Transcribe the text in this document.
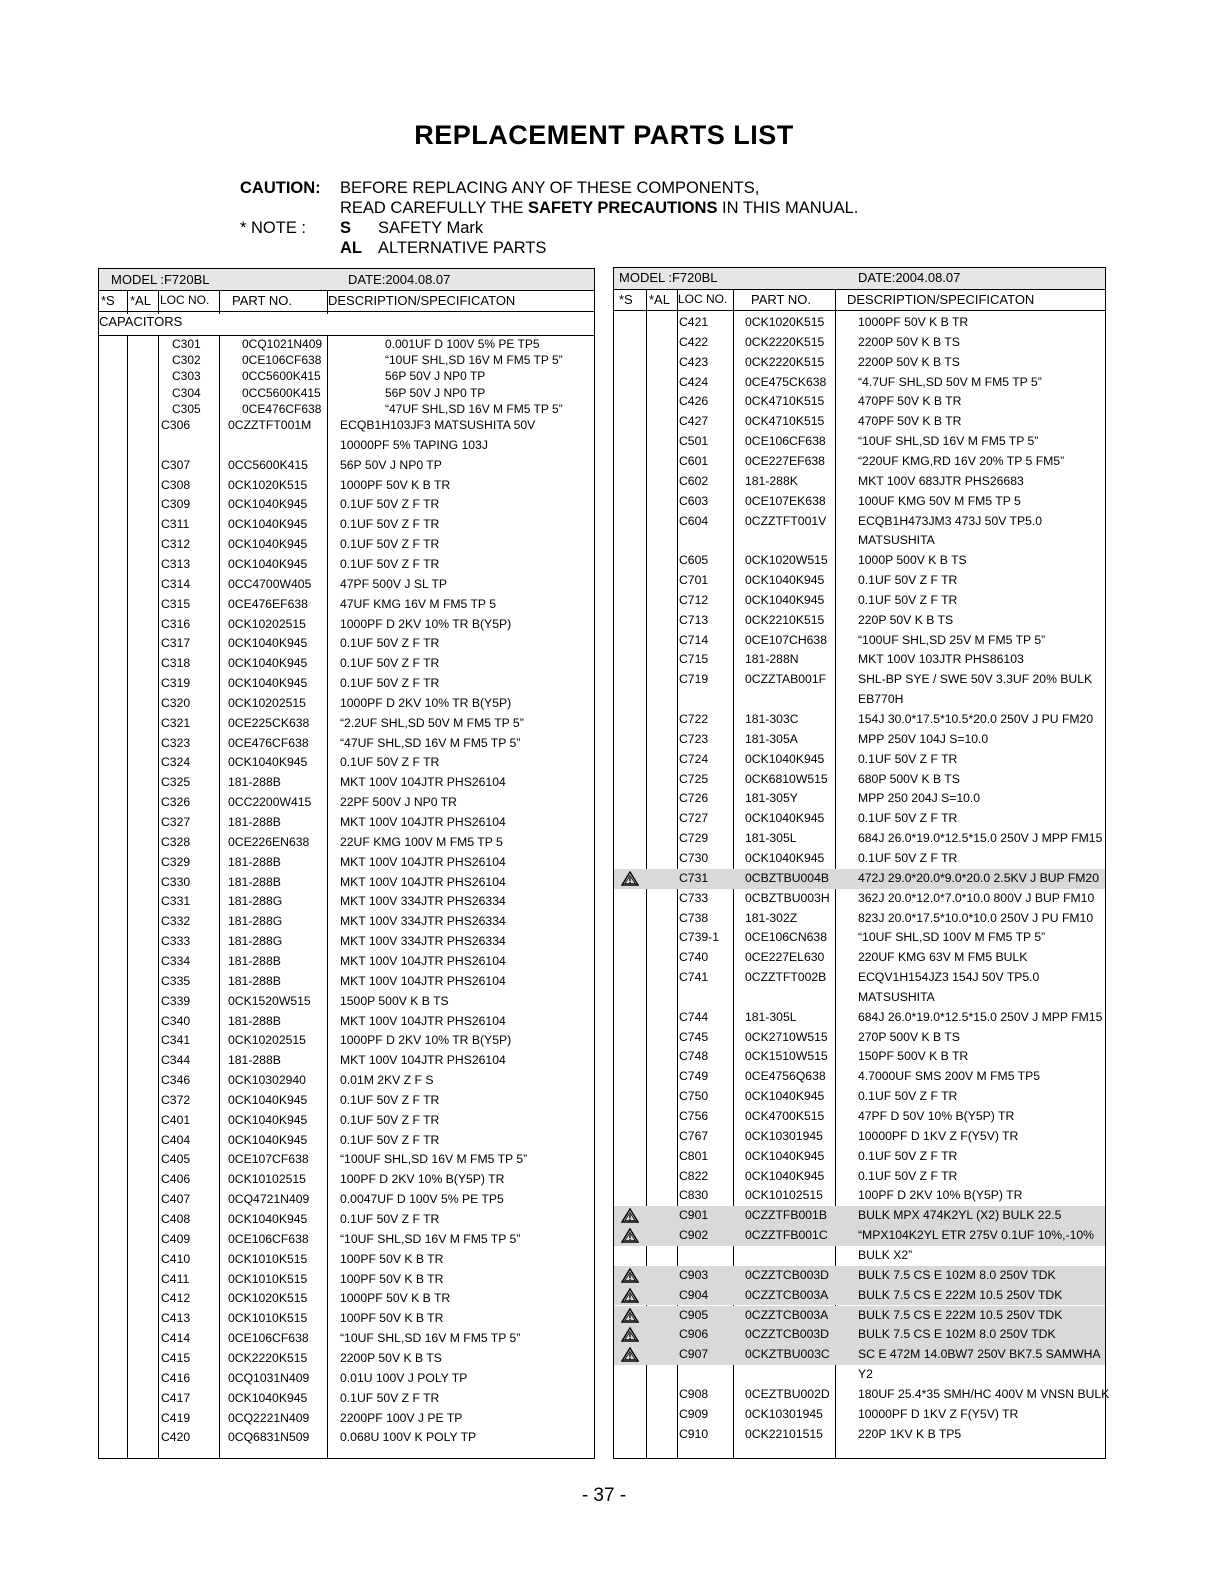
REPLACEMENT PARTS LIST
CAUTION:	BEFORE REPLACING ANY OF THESE COMPONENTS,
READ CAREFULLY THE SAFETY PRECAUTIONS IN THIS MANUAL.
* NOTE :	S	SAFETY Mark
AL ALTERNATIVE PARTS
MODEL :F720BL	DATE:2004.08.07
*S *AL LOC NO. PART NO.	DESCRIPTION/SPECIFICATON
CAPACITORS
C301	0CQ1021N409	0.001UF D 100V 5% PE TP5
C302	0CE106CF638	“10UF SHL,SD 16V M FM5 TP 5”
C303	0CC5600K415	56P 50V J NP0 TP
C304	0CC5600K415	56P 50V J NP0 TP
C305	0CE476CF638	“47UF SHL,SD 16V M FM5 TP 5”
C306	0CZZTFT001M ECQB1H103JF3 MATSUSHITA 50V
10000PF 5% TAPING 103J
C307	0CC5600K415	56P 50V J NP0 TP
C308	0CK1020K515	1000PF 50V K B TR
C309	0CK1040K945	0.1UF 50V Z F TR
C311	0CK1040K945	0.1UF 50V Z F TR
C312	0CK1040K945	0.1UF 50V Z F TR
C313	0CK1040K945	0.1UF 50V Z F TR
C314	0CC4700W405 47PF 500V J SL TP
C315	0CE476EF638	47UF KMG 16V M FM5 TP 5
C316	0CK10202515	1000PF D 2KV 10% TR B(Y5P)
C317	0CK1040K945	0.1UF 50V Z F TR
C318	0CK1040K945	0.1UF 50V Z F TR
C319	0CK1040K945	0.1UF 50V Z F TR
C320	0CK10202515	1000PF D 2KV 10% TR B(Y5P)
C321	0CE225CK638	“2.2UF SHL,SD 50V M FM5 TP 5”
C323	0CE476CF638	“47UF SHL,SD 16V M FM5 TP 5”
C324	0CK1040K945	0.1UF 50V Z F TR
C325	181-288B	MKT 100V 104JTR PHS26104
C326	0CC2200W415 22PF 500V J NP0 TR
C327	181-288B	MKT 100V 104JTR PHS26104
C328	0CE226EN638	22UF KMG 100V M FM5 TP 5
C329	181-288B	MKT 100V 104JTR PHS26104
C330	181-288B	MKT 100V 104JTR PHS26104
C331	181-288G	MKT 100V 334JTR PHS26334
C332	181-288G	MKT 100V 334JTR PHS26334
C333	181-288G	MKT 100V 334JTR PHS26334
C334	181-288B	MKT 100V 104JTR PHS26104
C335	181-288B	MKT 100V 104JTR PHS26104
C339	0CK1520W515 1500P 500V K B TS
C340	181-288B	MKT 100V 104JTR PHS26104
C341	0CK10202515	1000PF D 2KV 10% TR B(Y5P)
C344	181-288B	MKT 100V 104JTR PHS26104
C346	0CK10302940	0.01M 2KV Z F S
C372	0CK1040K945	0.1UF 50V Z F TR
C401	0CK1040K945	0.1UF 50V Z F TR
C404	0CK1040K945	0.1UF 50V Z F TR
C405	0CE107CF638	“100UF SHL,SD 16V M FM5 TP 5”
C406	0CK10102515	100PF D 2KV 10% B(Y5P) TR
C407	0CQ4721N409	0.0047UF D 100V 5% PE TP5
C408	0CK1040K945	0.1UF 50V Z F TR
C409	0CE106CF638	“10UF SHL,SD 16V M FM5 TP 5”
C410	0CK1010K515	100PF 50V K B TR
C411	0CK1010K515	100PF 50V K B TR
C412	0CK1020K515	1000PF 50V K B TR
C413	0CK1010K515	100PF 50V K B TR
C414	0CE106CF638	“10UF SHL,SD 16V M FM5 TP 5”
C415	0CK2220K515	2200P 50V K B TS
C416	0CQ1031N409	0.01U 100V J POLY TP
C417	0CK1040K945	0.1UF 50V Z F TR
C419	0CQ2221N409	2200PF 100V J PE TP
C420	0CQ6831N509	0.068U 100V K POLY TP
MODEL :F720BL	DATE:2004.08.07
*S *AL LOC NO. PART NO.	DESCRIPTION/SPECIFICATON
C421	0CK1020K515	1000PF 50V K B TR
C422	0CK2220K515	2200P 50V K B TS
C423	0CK2220K515	2200P 50V K B TS
C424	0CE475CK638	“4.7UF SHL,SD 50V M FM5 TP 5”
C426	0CK4710K515	470PF 50V K B TR
C427	0CK4710K515	470PF 50V K B TR
C501	0CE106CF638	“10UF SHL,SD 16V M FM5 TP 5”
C601	0CE227EF638	“220UF KMG,RD 16V 20% TP 5 FM5”
C602	181-288K	MKT 100V 683JTR PHS26683
C603	0CE107EK638	100UF KMG 50V M FM5 TP 5
C604	0CZZTFT001V	ECQB1H473JM3 473J 50V TP5.0
MATSUSHITA
C605	0CK1020W515 1000P 500V K B TS
C701	0CK1040K945	0.1UF 50V Z F TR
C712	0CK1040K945	0.1UF 50V Z F TR
C713	0CK2210K515	220P 50V K B TS
C714	0CE107CH638	“100UF SHL,SD 25V M FM5 TP 5”
C715	181-288N	MKT 100V 103JTR PHS86103
C719	0CZZTAB001F	SHL-BP SYE / SWE 50V 3.3UF 20% BULK
EB770H
C722	181-303C	154J 30.0*17.5*10.5*20.0 250V J PU FM20
C723	181-305A	MPP 250V 104J S=10.0
C724	0CK1040K945	0.1UF 50V Z F TR
C725	0CK6810W515 680P 500V K B TS
C726	181-305Y	MPP 250 204J S=10.0
C727	0CK1040K945	0.1UF 50V Z F TR
C729	181-305L	684J 26.0*19.0*12.5*15.0 250V J MPP FM15
C730	0CK1040K945	0.1UF 50V Z F TR
C731	0CBZTBU004B 472J 29.0*20.0*9.0*20.0 2.5KV J BUP FM20
C733	0CBZTBU003H 362J 20.0*12.0*7.0*10.0 800V J BUP FM10
C738	181-302Z	823J 20.0*17.5*10.0*10.0 250V J PU FM10
C739-1 0CE106CN638	“10UF SHL,SD 100V M FM5 TP 5”
C740	0CE227EL630	220UF KMG 63V M FM5 BULK
C741	0CZZTFT002B	ECQV1H154JZ3 154J 50V TP5.0
MATSUSHITA
C744	181-305L	684J 26.0*19.0*12.5*15.0 250V J MPP FM15
C745	0CK2710W515 270P 500V K B TS
C748	0CK1510W515 150PF 500V K B TR
C749	0CE4756Q638	4.7000UF SMS 200V M FM5 TP5
C750	0CK1040K945	0.1UF 50V Z F TR
C756	0CK4700K515	47PF D 50V 10% B(Y5P) TR
C767	0CK10301945	10000PF D 1KV Z F(Y5V) TR
C801	0CK1040K945	0.1UF 50V Z F TR
C822	0CK1040K945	0.1UF 50V Z F TR
C830	0CK10102515	100PF D 2KV 10% B(Y5P) TR
C901	0CZZTFB001B	BULK MPX 474K2YL (X2) BULK 22.5
C902	0CZZTFB001C “MPX104K2YL ETR 275V 0.1UF 10%,-10%
BULK X2”
C903	0CZZTCB003D BULK 7.5 CS E 102M 8.0 250V TDK
C904	0CZZTCB003A BULK 7.5 CS E 222M 10.5 250V TDK
C905	0CZZTCB003A BULK 7.5 CS E 222M 10.5 250V TDK
C906	0CZZTCB003D BULK 7.5 CS E 102M 8.0 250V TDK
C907	0CKZTBU003C SC E 472M 14.0BW7 250V BK7.5 SAMWHA
Y2
C908	0CEZTBU002D 180UF 25.4*35 SMH/HC 400V M VNSN BULK
C909	0CK10301945	10000PF D 1KV Z F(Y5V) TR
C910	0CK22101515	220P 1KV K B TP5
- 37 -
